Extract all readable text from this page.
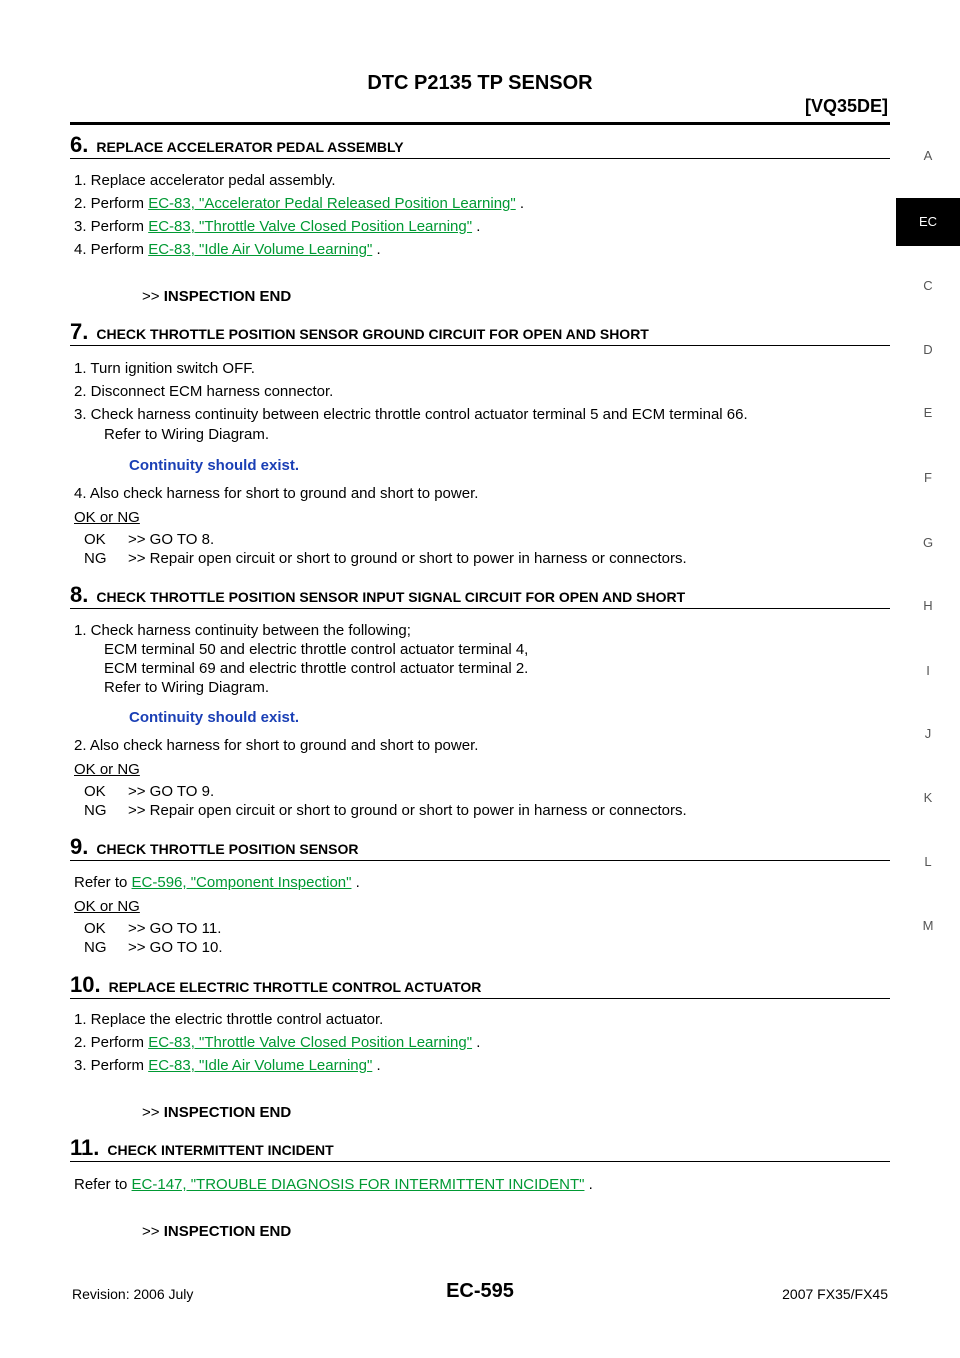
DTC P2135 TP SENSOR
[VQ35DE]
A
EC
C
D
E
F
G
H
I
J
K
L
M
6. REPLACE ACCELERATOR PEDAL ASSEMBLY
1. Replace accelerator pedal assembly.
2. Perform EC-83, "Accelerator Pedal Released Position Learning" .
3. Perform EC-83, "Throttle Valve Closed Position Learning" .
4. Perform EC-83, "Idle Air Volume Learning" .
>> INSPECTION END
7. CHECK THROTTLE POSITION SENSOR GROUND CIRCUIT FOR OPEN AND SHORT
1. Turn ignition switch OFF.
2. Disconnect ECM harness connector.
3. Check harness continuity between electric throttle control actuator terminal 5 and ECM terminal 66.
Refer to Wiring Diagram.
Continuity should exist.
4. Also check harness for short to ground and short to power.
OK or NG
OK >> GO TO 8.
NG >> Repair open circuit or short to ground or short to power in harness or connectors.
8. CHECK THROTTLE POSITION SENSOR INPUT SIGNAL CIRCUIT FOR OPEN AND SHORT
1. Check harness continuity between the following;
ECM terminal 50 and electric throttle control actuator terminal 4,
ECM terminal 69 and electric throttle control actuator terminal 2.
Refer to Wiring Diagram.
Continuity should exist.
2. Also check harness for short to ground and short to power.
OK or NG
OK >> GO TO 9.
NG >> Repair open circuit or short to ground or short to power in harness or connectors.
9. CHECK THROTTLE POSITION SENSOR
Refer to EC-596, "Component Inspection" .
OK or NG
OK >> GO TO 11.
NG >> GO TO 10.
10. REPLACE ELECTRIC THROTTLE CONTROL ACTUATOR
1. Replace the electric throttle control actuator.
2. Perform EC-83, "Throttle Valve Closed Position Learning" .
3. Perform EC-83, "Idle Air Volume Learning" .
>> INSPECTION END
11. CHECK INTERMITTENT INCIDENT
Refer to EC-147, "TROUBLE DIAGNOSIS FOR INTERMITTENT INCIDENT" .
>> INSPECTION END
Revision: 2006 July	EC-595	2007 FX35/FX45
